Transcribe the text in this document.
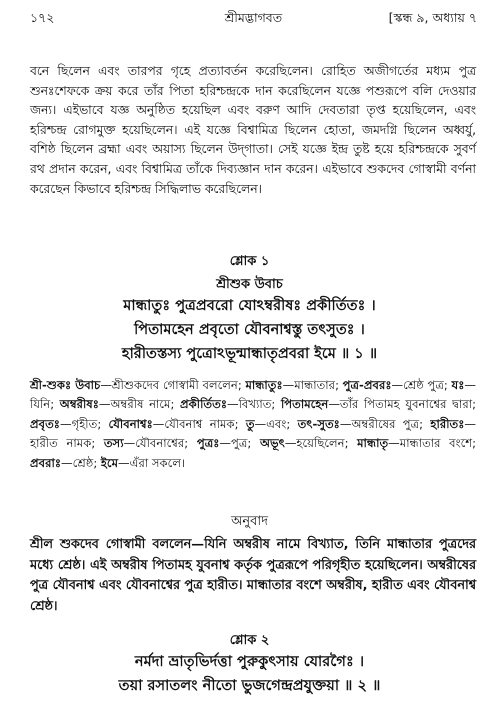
১৭২	শ্রীমদ্ভাগবত	[স্কন্ধ ৯, অধ্যায় ৭
বনে ছিলেন এবং তারপর গৃহে প্রত্যাবর্তন করেছিলেন। রোহিত অজীগর্তের মধ্যম পুত্র শুনঃশেফকে ক্রয় করে তাঁর পিতা হরিশ্চন্দ্রকে দান করেছিলেন যজ্ঞে পশুরূপে বলি দেওয়ার জন্য। এইভাবে যজ্ঞ অনুষ্ঠিত হয়েছিল এবং বরুণ আদি দেবতারা তৃপ্ত হয়েছিলেন, এবং হরিশ্চন্দ্র রোগমুক্ত হয়েছিলেন। এই যজ্ঞে বিশ্বামিত্র ছিলেন হোতা, জমদগ্নি ছিলেন অধ্বর্যু, বশিষ্ঠ ছিলেন ব্রহ্মা এবং অয়াস্য ছিলেন উদ্‌গাতা। সেই যজ্ঞে ইন্দ্র তুষ্ট হয়ে হরিশ্চন্দ্রকে সুবর্ণ রথ প্রদান করেন, এবং বিশ্বামিত্র তাঁকে দিব্যজ্ঞান দান করেন। এইভাবে শুকদেব গোস্বামী বর্ণনা করেছেন কিভাবে হরিশ্চন্দ্র সিদ্ধিলাভ করেছিলেন।
শ্লোক ১
শ্রীশুক উবাচ
মান্ধাতুঃ পুত্রপ্রবরো যোঽম্বরীষঃ প্রকীর্তিতঃ ।
পিতামহেন প্রবৃতো যৌবনাশ্বস্তু তৎসুতঃ ।
হারীতস্তস্য পুত্রোঽভূন্মান্ধাতৃপ্রবরা ইমে ॥ ১ ॥
শ্রী-শুকঃ উবাচ—শ্রীশুকদেব গোস্বামী বললেন; মান্ধাতুঃ—মান্ধাতার; পুত্র-প্রবরঃ—শ্রেষ্ঠ পুত্র; যঃ—যিনি; অম্বরীষঃ—অম্বরীষ নামে; প্রকীর্তিতঃ—বিখ্যাত; পিতামহেন—তাঁর পিতামহ যুবনাশ্বের দ্বারা; প্রবৃতঃ—গৃহীত; যৌবনাশ্বঃ—যৌবনাশ্ব নামক; তু—এবং; তৎ-সুতঃ—অম্বরীষের পুত্র; হারীতঃ—হারীত নামক; তস্য—যৌবনাশ্বের; পুত্রঃ—পুত্র; অভূৎ—হয়েছিলেন; মান্ধাতৃ—মান্ধাতার বংশে; প্রবরাঃ—শ্রেষ্ঠ; ইমে—এঁরা সকলে।
অনুবাদ
শ্রীল শুকদেব গোস্বামী বললেন—যিনি অম্বরীষ নামে বিখ্যাত, তিনি মান্ধাতার পুত্রদের মধ্যে শ্রেষ্ঠ। এই অম্বরীষ পিতামহ যুবনাশ্ব কর্তৃক পুত্ররূপে পরিগৃহীত হয়েছিলেন। অম্বরীষের পুত্র যৌবনাশ্ব এবং যৌবনাশ্বের পুত্র হারীত। মান্ধাতার বংশে অম্বরীষ, হারীত এবং যৌবনাশ্ব শ্রেষ্ঠ।
শ্লোক ২
নর্মদা ভ্রাতৃভির্দত্তা পুরুকুৎসায় যোরগৈঃ ।
তয়া রসাতলং নীতো ভুজগেন্দ্রপ্রযুক্তয়া ॥ ২ ॥
